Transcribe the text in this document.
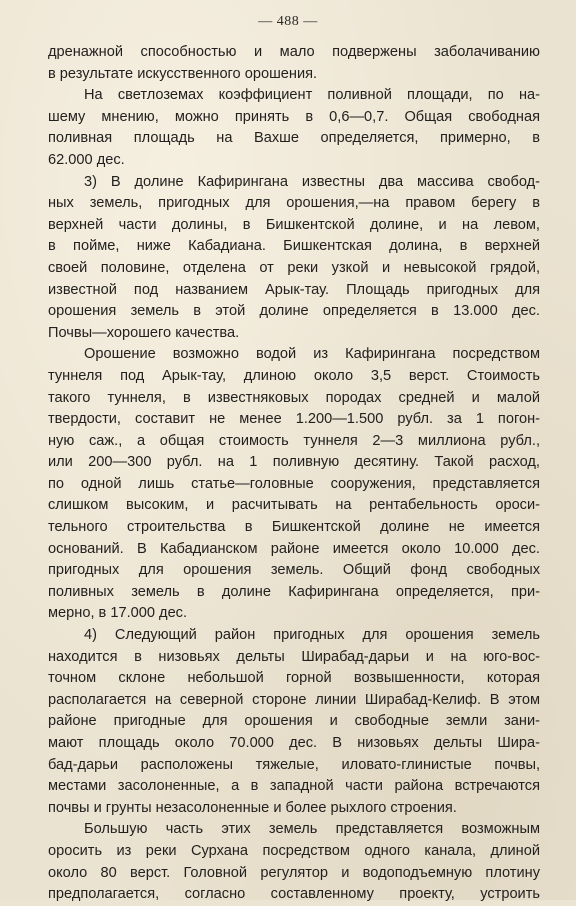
— 488 —

дренажной способностью и мало подвержены заболачиванию
в результате искусственного орошения.

На светлоземах коэффициент поливной площади, по на-
шему мнению, можно принять в 0,6—0,7. Общая свободная
поливная площадь на Вахше определяется, примерно, в
62.000 дес.

3) В долине Кафирингана известны два массива свобод-
ных земель, пригодных для орошения,—на правом берегу в
верхней части долины, в Бишкентской долине, и на левом,
в пойме, ниже Кабадиана. Бишкентская долина, в верхней
своей половине, отделена от реки узкой и невысокой грядой,
известной под названием Арык-тау. Площадь пригодных для
орошения земель в этой долине определяется в 13.000 дес.
Почвы—хорошего качества.

Орошение возможно водой из Кафирингана посредством
туннеля под Арык-тау, длиною около 3,5 верст. Стоимость
такого туннеля, в известняковых породах средней и малой
твердости, составит не менее 1.200—1.500 рубл. за 1 погон-
ную саж., а общая стоимость туннеля 2—3 миллиона рубл.,
или 200—300 рубл. на 1 поливную десятину. Такой расход,
по одной лишь статье—головные сооружения, представляется
слишком высоким, и расчитывать на рентабельность ороси-
тельного строительства в Бишкентской долине не имеется
оснований. В Кабадианском районе имеется около 10.000 дес.
пригодных для орошения земель. Общий фонд свободных
поливных земель в долине Кафирингана определяется, при-
мерно, в 17.000 дес.

4) Следующий район пригодных для орошения земель
находится в низовьях дельты Ширабад-дарьи и на юго-вос-
точном склоне небольшой горной возвышенности, которая
располагается на северной стороне линии Ширабад-Келиф. В этом
районе пригодные для орошения и свободные земли зани-
мают площадь около 70.000 дес. В низовьях дельты Шира-
бад-дарьи расположены тяжелые, иловато-глинистые почвы,
местами засолоненные, а в западной части района встречаются
почвы и грунты незасолоненные и более рыхлого строения.

Большую часть этих земель представляется возможным
оросить из реки Сурхана посредством одного канала, длиной
около 80 верст. Головной регулятор и водоподъемную плотину
предполагается, согласно составленному проекту, устроить
